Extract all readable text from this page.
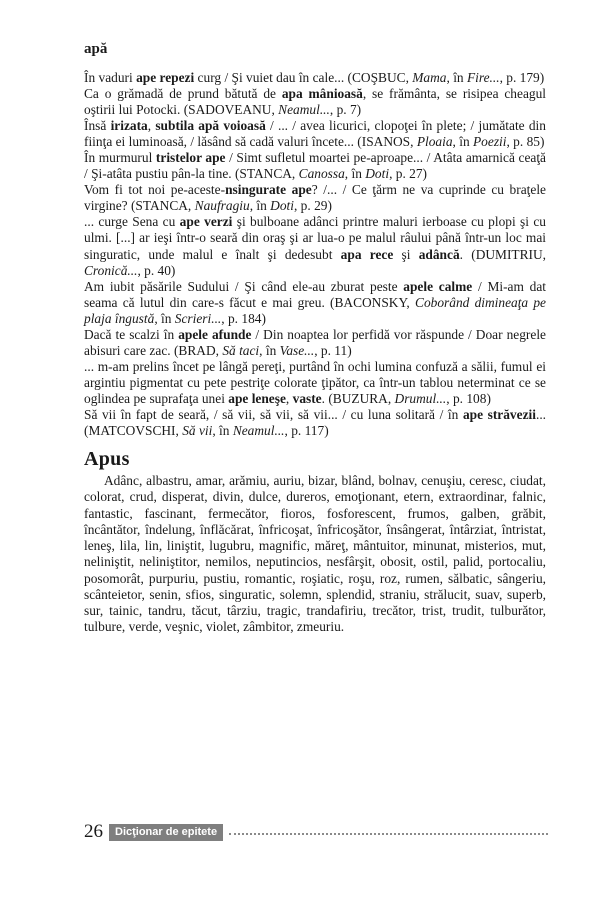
apă

În vaduri ape repezi curg / Şi vuiet dau în cale... (COŞBUC, Mama, în Fire..., p. 179)

Ca o grămadă de prund bătută de apa mânioasă, se frământa, se risipea cheagul oştirii lui Potocki. (SADOVEANU, Neamul..., p. 7)

Însă irizata, subtila apă voioasă / ... / avea licurici, clopoţei în plete; / jumătate din fiinţa ei luminoasă, / lăsând să cadă valuri încete... (ISANOS, Ploaia, în Poezii, p. 85)

În murmurul tristelor ape / Simt sufletul moartei pe-aproape... / Atâta amarnică ceaţă / Şi-atâta pustiu pân-la tine. (STANCA, Canossa, în Doti, p. 27)

Vom fi tot noi pe-aceste-nsingurate ape? /... / Ce ţărm ne va cuprinde cu braţele virgine? (STANCA, Naufragiu, în Doti, p. 29)

... curge Sena cu ape verzi şi bulboane adânci printre maluri ierboase cu plopi şi cu ulmi. [...] ar ieşi într-o seară din oraş şi ar lua-o pe malul râului până într-un loc mai singuratic, unde malul e înalt şi dedesubt apa rece şi adâncă. (DUMITRIU, Cronică..., p. 40)

Am iubit păsările Sudului / Şi când ele-au zburat peste apele calme / Mi-am dat seama că lutul din care-s făcut e mai greu. (BACONSKY, Coborând dimineaţa pe plaja îngustă, în Scrieri..., p. 184)

Dacă te scalzi în apele afunde / Din noaptea lor perfidă vor răspunde / Doar negrele abisuri care zac. (BRAD, Să taci, în Vase..., p. 11)

... m-am prelins încet pe lângă pereţi, purtând în ochi lumina confuză a sălii, fumul ei argintiu pigmentat cu pete pestriţe colorate ţipător, ca într-un tablou neterminat ce se oglindea pe suprafaţa unei ape leneşe, vaste. (BUZURA, Drumul..., p. 108)

Să vii în fapt de seară, / să vii, să vii, să vii... / cu luna solitară / în ape străvezii... (MATCOVSCHI, Să vii, în Neamul..., p. 117)

Apus

Adânc, albastru, amar, arămiu, auriu, bizar, blând, bolnav, cenuşiu, ceresc, ciudat, colorat, crud, disperat, divin, dulce, dureros, emoţionant, etern, extraordinar, falnic, fantastic, fascinant, fermecător, fioros, fosforescent, frumos, galben, grăbit, încântător, îndelung, înflăcărat, înfricoşat, înfricoşător, însângerat, întârziat, întristat, leneş, lila, lin, liniştit, lugubru, magnific, măreţ, mântuitor, minunat, misterios, mut, neliniştit, neliniştitor, nemilos, neputincios, nesfârşit, obosit, ostil, palid, portocaliu, posomorât, purpuriu, pustiu, romantic, roşiatic, roşu, roz, rumen, sălbatic, sângeriu, scânteietor, senin, sfios, singuratic, solemn, splendid, straniu, strălucit, suav, superb, sur, tainic, tandru, tăcut, târziu, tragic, trandafiriu, trecător, trist, trudit, tulburător, tulbure, verde, veşnic, violet, zâmbitor, zmeuriu.

26	Dicţionar de epitete
